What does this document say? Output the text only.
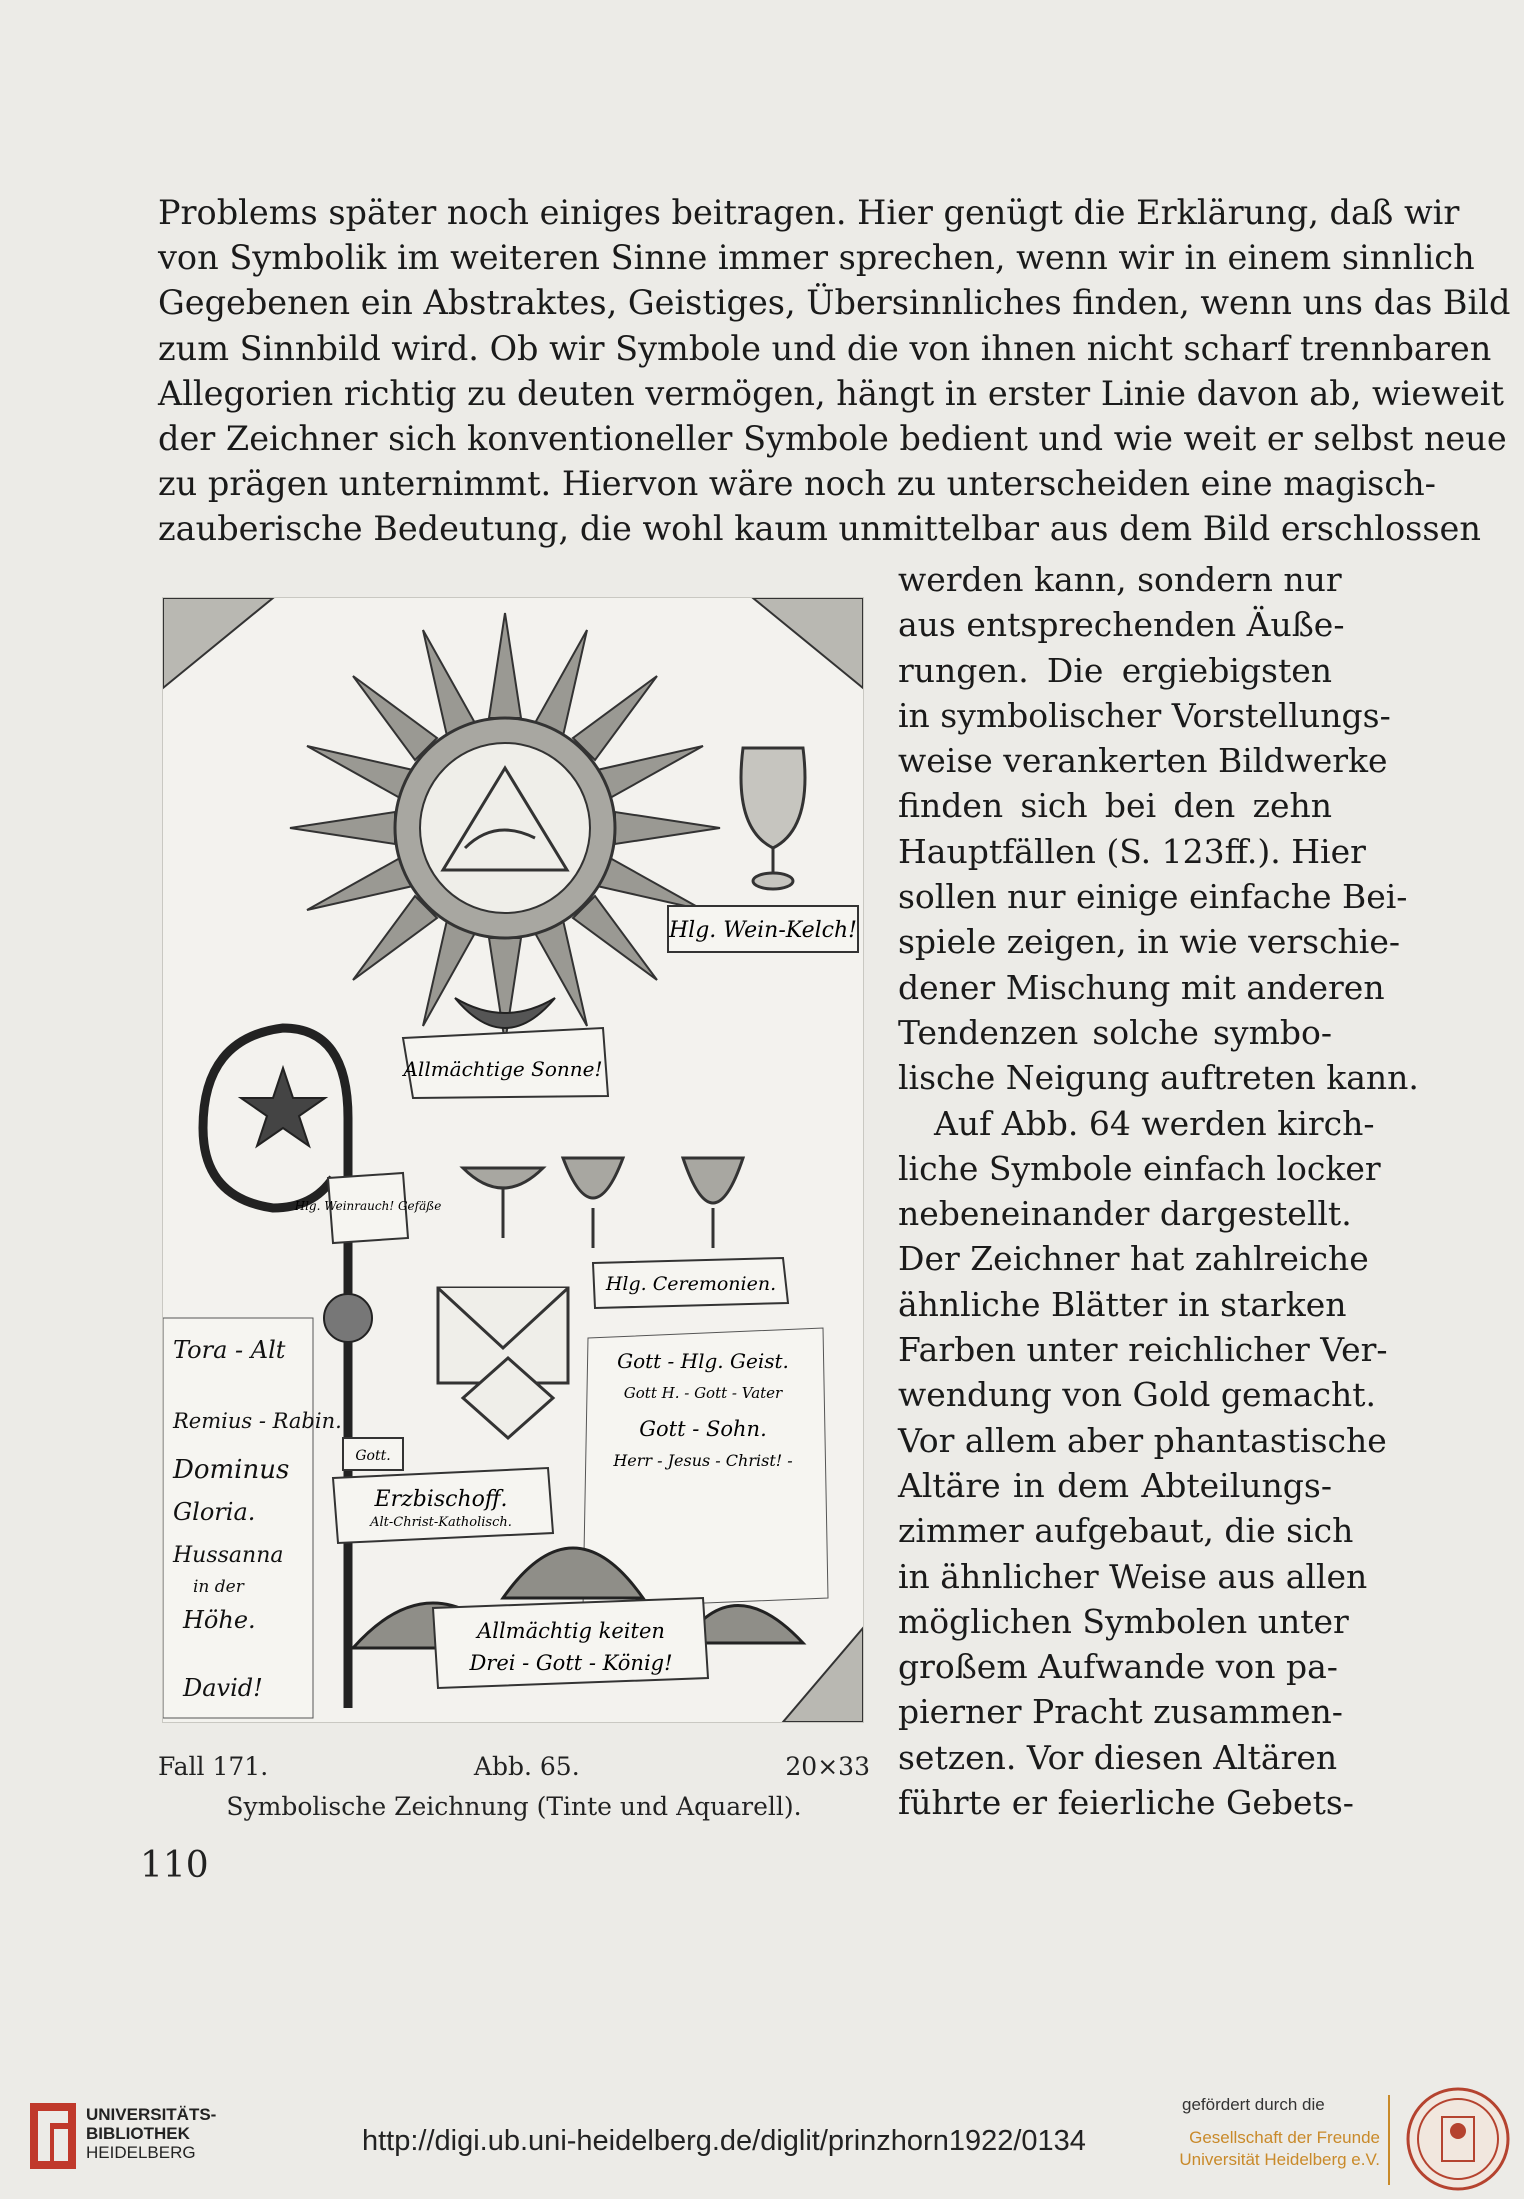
Problems später noch einiges beitragen. Hier genügt die Erklärung, daß wir
von Symbolik im weiteren Sinne immer sprechen, wenn wir in einem sinnlich
Gegebenen ein Abstraktes, Geistiges, Übersinnliches finden, wenn uns das Bild
zum Sinnbild wird. Ob wir Symbole und die von ihnen nicht scharf trennbaren
Allegorien richtig zu deuten vermögen, hängt in erster Linie davon ab, wieweit
der Zeichner sich konventioneller Symbole bedient und wie weit er selbst neue
zu prägen unternimmt. Hiervon wäre noch zu unterscheiden eine magisch-
zauberische Bedeutung, die wohl kaum unmittelbar aus dem Bild erschlossen
werden kann, sondern nur
aus entsprechenden Äuße-
rungen. Die ergiebigsten
in symbolischer Vorstellungs-
weise verankerten Bildwerke
finden sich bei den zehn
Hauptfällen (S. 123ff.). Hier
sollen nur einige einfache Bei-
spiele zeigen, in wie verschie-
dener Mischung mit anderen
Tendenzen solche symbo-
lische Neigung auftreten kann.
Auf Abb. 64 werden kirch-
liche Symbole einfach locker
nebeneinander dargestellt.
Der Zeichner hat zahlreiche
ähnliche Blätter in starken
Farben unter reichlicher Ver-
wendung von Gold gemacht.
Vor allem aber phantastische
Altäre in dem Abteilungs-
zimmer aufgebaut, die sich
in ähnlicher Weise aus allen
möglichen Symbolen unter
großem Aufwande von pa-
pierner Pracht zusammen-
setzen. Vor diesen Altären
führte er feierliche Gebets-
Hlg. Wein-Kelch!
Allmächtige Sonne!
Hlg. Weinrauch! Gefäße
Hlg. Ceremonien.
Gott - Hlg. Geist.
Gott H. - Gott - Vater
Gott - Sohn.
Herr - Jesus - Christ! -
Gott.
Erzbischoff.
Alt-Christ-Katholisch.
Allmächtig keiten
Drei - Gott - König!
Tora - Alt
Remius - Rabin.
Dominus
Gloria.
Hussanna
in der
Höhe.
David!
Fall 171.	Abb. 65.	20×33
Symbolische Zeichnung (Tinte und Aquarell).
110
UNIVERSITÄTS-
BIBLIOTHEK
HEIDELBERG	http://digi.ub.uni-heidelberg.de/diglit/prinzhorn1922/0134
gefördert durch die
Gesellschaft der Freunde
Universität Heidelberg e.V.
